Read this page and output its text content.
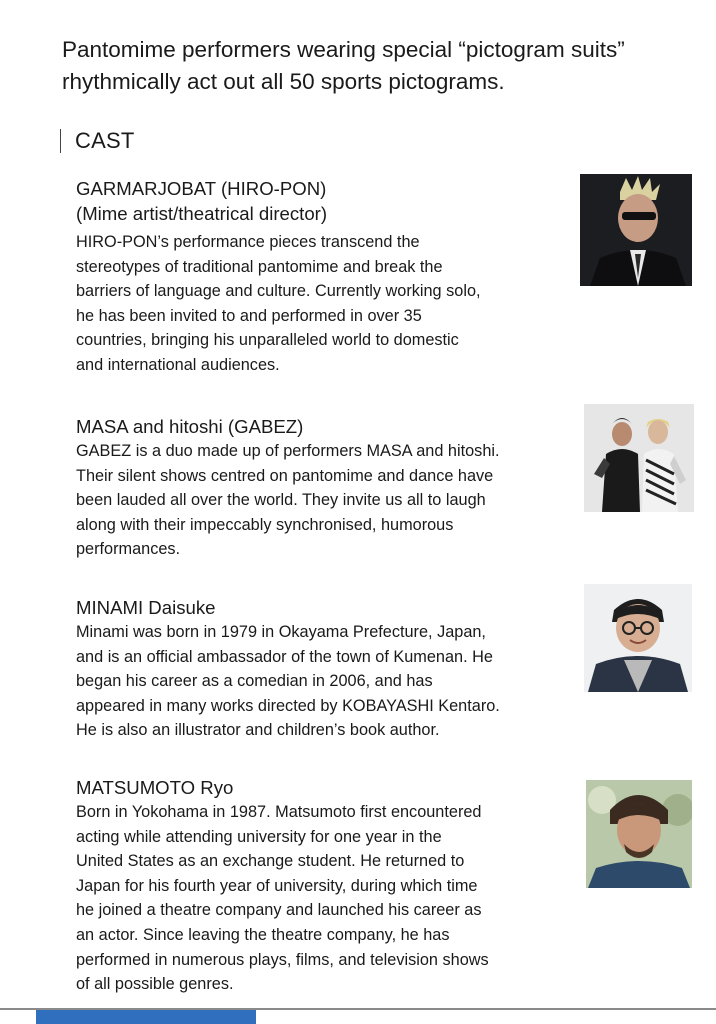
Pantomime performers wearing special “pictogram suits” rhythmically act out all 50 sports pictograms.

CAST
GARMARJOBAT (HIRO-PON)
(Mime artist/theatrical director)

HIRO-PON’s performance pieces transcend the
stereotypes of traditional pantomime and break the
barriers of language and culture. Currently working solo,
he has been invited to and performed in over 35
countries, bringing his unparalleled world to domestic
and international audiences.

MASA and hitoshi (GABEZ)

GABEZ is a duo made up of performers MASA and hitoshi.
Their silent shows centred on pantomime and dance have
been lauded all over the world. They invite us all to laugh
along with their impeccably synchronised, humorous
performances.

MINAMI Daisuke

Minami was born in 1979 in Okayama Prefecture, Japan,
and is an official ambassador of the town of Kumenan. He
began his career as a comedian in 2006, and has
appeared in many works directed by KOBAYASHI Kentaro.
He is also an illustrator and children’s book author.

MATSUMOTO Ryo

Born in Yokohama in 1987. Matsumoto first encountered
acting while attending university for one year in the
United States as an exchange student. He returned to
Japan for his fourth year of university, during which time
he joined a theatre company and launched his career as
an actor. Since leaving the theatre company, he has
performed in numerous plays, films, and television shows
of all possible genres.
